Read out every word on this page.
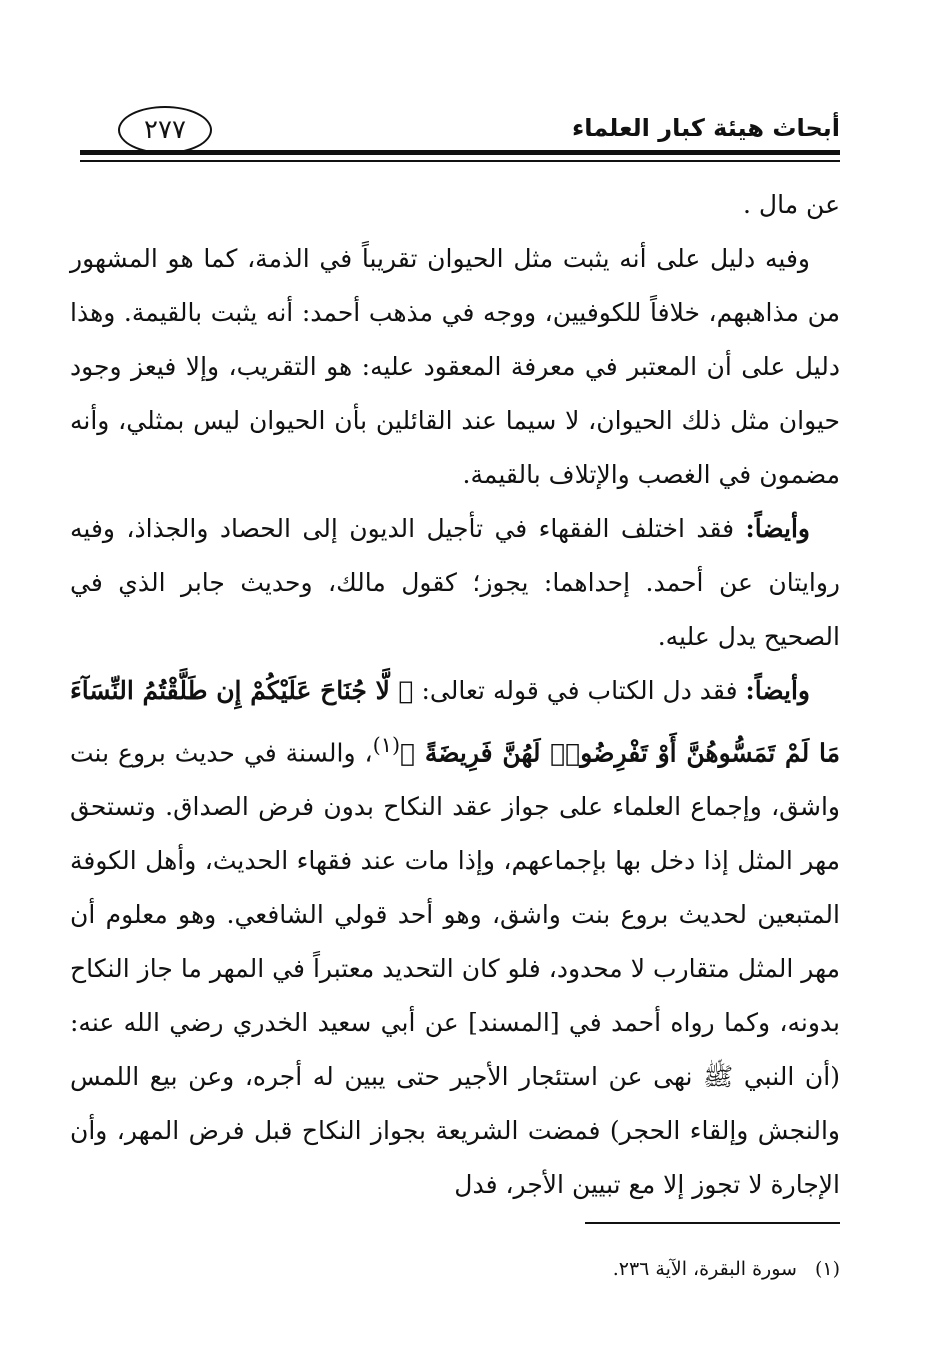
أبحاث هيئة كبار العلماء
٢٧٧

عن مال .

وفيه دليل على أنه يثبت مثل الحيوان تقريباً في الذمة، كما هو المشهور من مذاهبهم، خلافاً للكوفيين، ووجه في مذهب أحمد: أنه يثبت بالقيمة. وهذا دليل على أن المعتبر في معرفة المعقود عليه: هو التقريب، وإلا فيعز وجود حيوان مثل ذلك الحيوان، لا سيما عند القائلين بأن الحيوان ليس بمثلي، وأنه مضمون في الغصب والإتلاف بالقيمة.

وأيضاً: فقد اختلف الفقهاء في تأجيل الديون إلى الحصاد والجذاذ، وفيه روايتان عن أحمد. إحداهما: يجوز؛ كقول مالك، وحديث جابر الذي في الصحيح يدل عليه.

وأيضاً: فقد دل الكتاب في قوله تعالى: ﴿ لَّا جُنَاحَ عَلَيْكُمْ إِن طَلَّقْتُمُ النِّسَآءَ مَا لَمْ تَمَسُّوهُنَّ أَوْ تَفْرِضُوا۟ لَهُنَّ فَرِيضَةً ﴾$^{(١)}$، والسنة في حديث بروع بنت واشق، وإجماع العلماء على جواز عقد النكاح بدون فرض الصداق. وتستحق مهر المثل إذا دخل بها بإجماعهم، وإذا مات عند فقهاء الحديث، وأهل الكوفة المتبعين لحديث بروع بنت واشق، وهو أحد قولي الشافعي. وهو معلوم أن مهر المثل متقارب لا محدود، فلو كان التحديد معتبراً في المهر ما جاز النكاح بدونه، وكما رواه أحمد في [المسند] عن أبي سعيد الخدري رضي الله عنه: (أن النبي ﷺ نهى عن استئجار الأجير حتى يبين له أجره، وعن بيع اللمس والنجش وإلقاء الحجر) فمضت الشريعة بجواز النكاح قبل فرض المهر، وأن الإجارة لا تجوز إلا مع تبيين الأجر، فدل

(١)سورة البقرة، الآية ٢٣٦.
